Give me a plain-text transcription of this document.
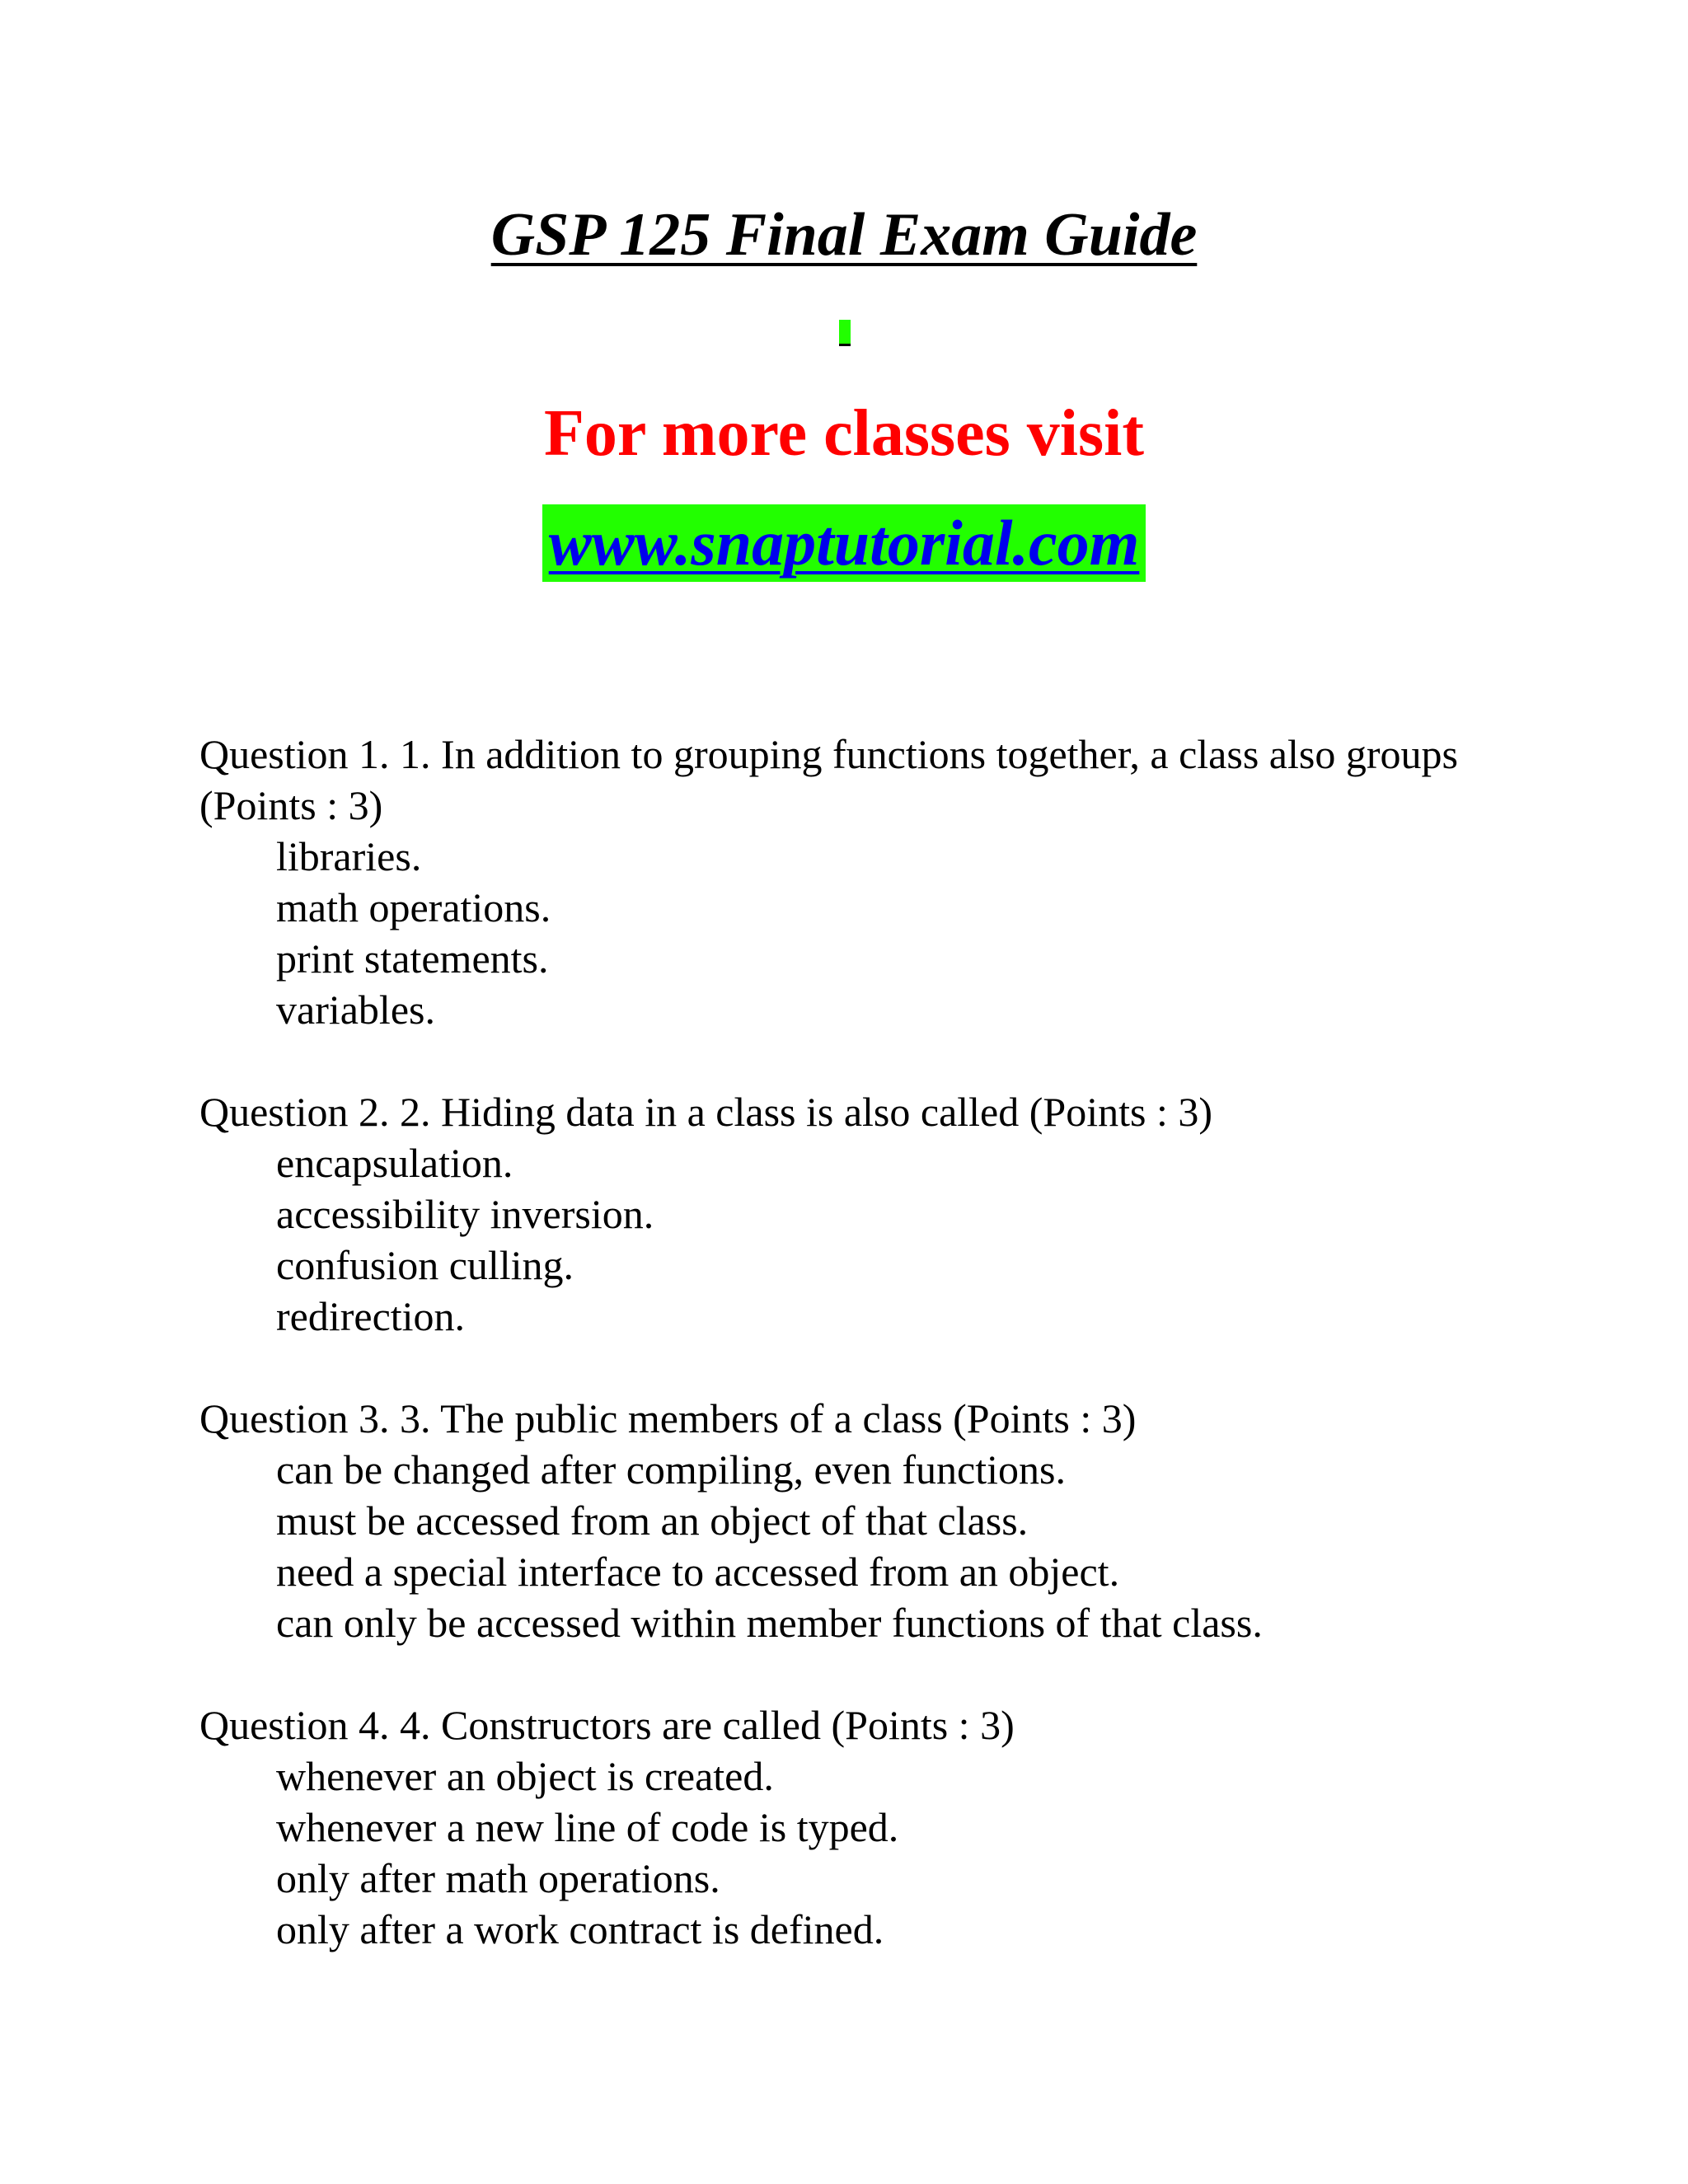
GSP 125 Final Exam Guide
For more classes visit
www.snaptutorial.com
Question 1. 1. In addition to grouping functions together, a class also groups (Points : 3)
libraries.
math operations.
print statements.
variables.
Question 2. 2. Hiding data in a class is also called (Points : 3)
encapsulation.
accessibility inversion.
confusion culling.
redirection.
Question 3. 3. The public members of a class (Points : 3)
can be changed after compiling, even functions.
must be accessed from an object of that class.
need a special interface to accessed from an object.
can only be accessed within member functions of that class.
Question 4. 4. Constructors are called (Points : 3)
whenever an object is created.
whenever a new line of code is typed.
only after math operations.
only after a work contract is defined.
